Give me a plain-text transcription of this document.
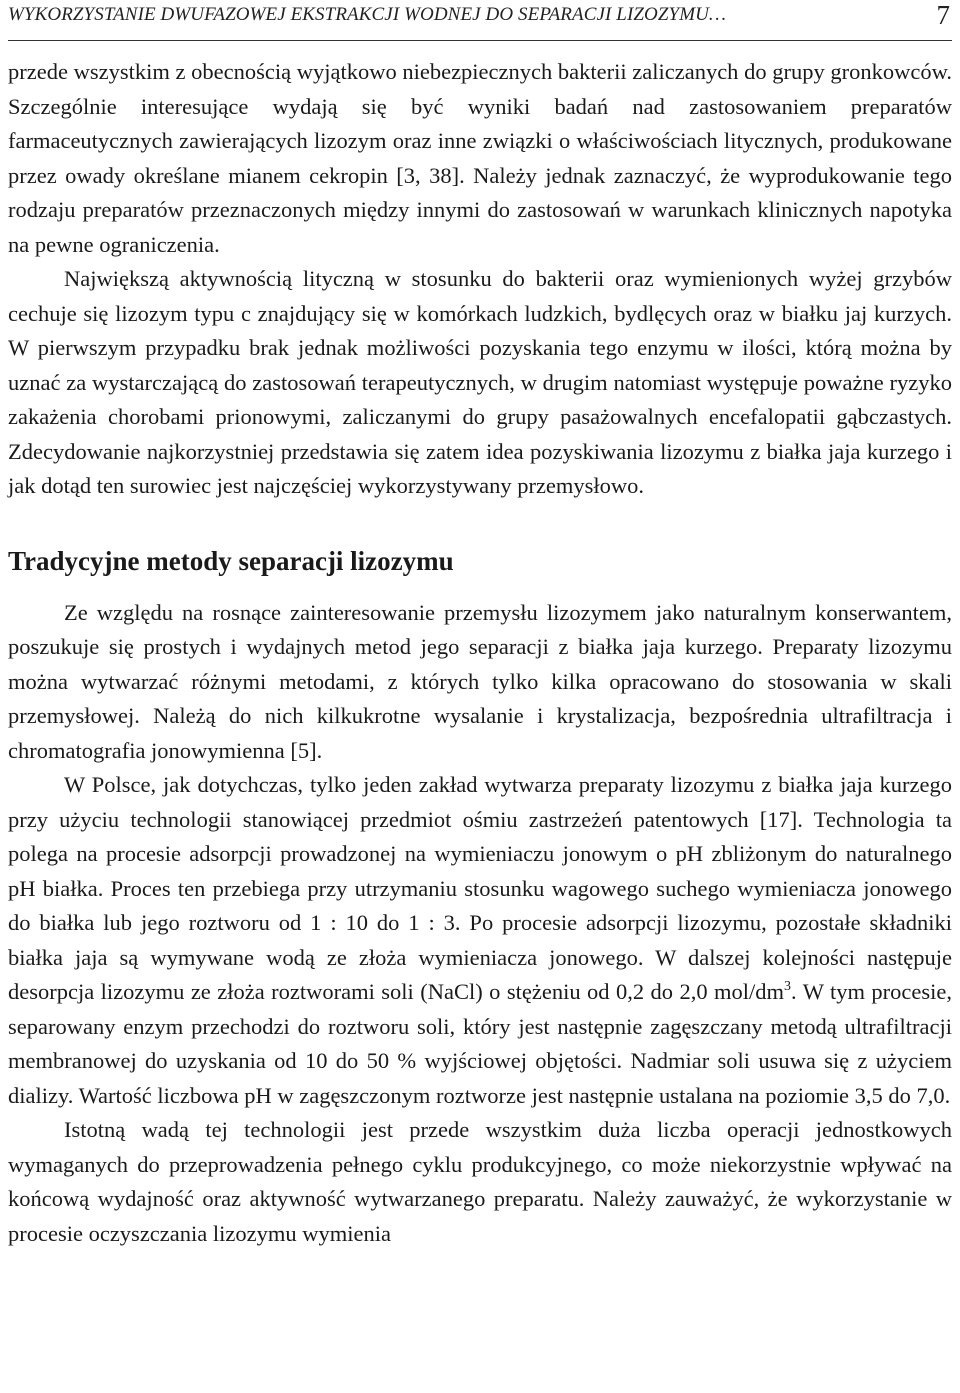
WYKORZYSTANIE DWUFAZOWEJ EKSTRAKCJI WODNEJ DO SEPARACJI LIZOZYMU…	7

przede wszystkim z obecnością wyjątkowo niebezpiecznych bakterii zaliczanych do grupy gronkowców. Szczególnie interesujące wydają się być wyniki badań nad zastosowaniem preparatów farmaceutycznych zawierających lizozym oraz inne związki o właściwościach litycznych, produkowane przez owady określane mianem cekropin [3, 38]. Należy jednak zaznaczyć, że wyprodukowanie tego rodzaju preparatów przeznaczonych między innymi do zastosowań w warunkach klinicznych napotyka na pewne ograniczenia.

Największą aktywnością lityczną w stosunku do bakterii oraz wymienionych wyżej grzybów cechuje się lizozym typu c znajdujący się w komórkach ludzkich, bydlęcych oraz w białku jaj kurzych. W pierwszym przypadku brak jednak możliwości pozyskania tego enzymu w ilości, którą można by uznać za wystarczającą do zastosowań terapeutycznych, w drugim natomiast występuje poważne ryzyko zakażenia chorobami prionowymi, zaliczanymi do grupy pasażowalnych encefalopatii gąbczastych. Zdecydowanie najkorzystniej przedstawia się zatem idea pozyskiwania lizozymu z białka jaja kurzego i jak dotąd ten surowiec jest najczęściej wykorzystywany przemysłowo.

Tradycyjne metody separacji lizozymu

Ze względu na rosnące zainteresowanie przemysłu lizozymem jako naturalnym konserwantem, poszukuje się prostych i wydajnych metod jego separacji z białka jaja kurzego. Preparaty lizozymu można wytwarzać różnymi metodami, z których tylko kilka opracowano do stosowania w skali przemysłowej. Należą do nich kilkukrotne wysalanie i krystalizacja, bezpośrednia ultrafiltracja i chromatografia jonowymienna [5].

W Polsce, jak dotychczas, tylko jeden zakład wytwarza preparaty lizozymu z białka jaja kurzego przy użyciu technologii stanowiącej przedmiot ośmiu zastrzeżeń patentowych [17]. Technologia ta polega na procesie adsorpcji prowadzonej na wymieniaczu jonowym o pH zbliżonym do naturalnego pH białka. Proces ten przebiega przy utrzymaniu stosunku wagowego suchego wymieniacza jonowego do białka lub jego roztworu od 1 : 10 do 1 : 3. Po procesie adsorpcji lizozymu, pozostałe składniki białka jaja są wymywane wodą ze złoża wymieniacza jonowego. W dalszej kolejności następuje desorpcja lizozymu ze złoża roztworami soli (NaCl) o stężeniu od 0,2 do 2,0 mol/$dm^3$. W tym procesie, separowany enzym przechodzi do roztworu soli, który jest następnie zagęszczany metodą ultrafiltracji membranowej do uzyskania od 10 do 50 % wyjściowej objętości. Nadmiar soli usuwa się z użyciem dializy. Wartość liczbowa pH w zagęszczonym roztworze jest następnie ustalana na poziomie 3,5 do 7,0.

Istotną wadą tej technologii jest przede wszystkim duża liczba operacji jednostkowych wymaganych do przeprowadzenia pełnego cyklu produkcyjnego, co może niekorzystnie wpływać na końcową wydajność oraz aktywność wytwarzanego preparatu. Należy zauważyć, że wykorzystanie w procesie oczyszczania lizozymu wymienia
